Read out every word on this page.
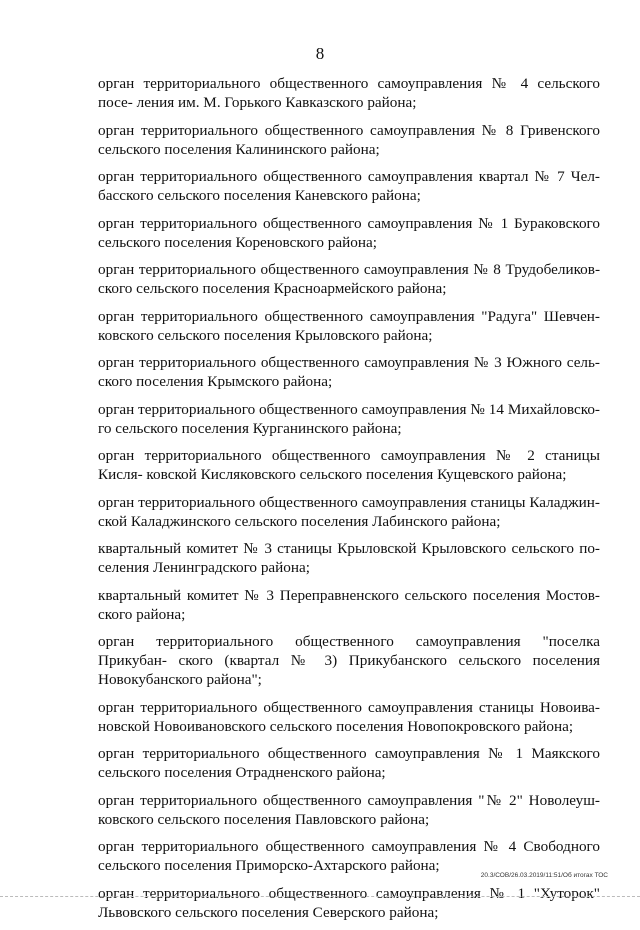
8

орган территориального общественного самоуправления № 4 сельского посе- ления им. М. Горького Кавказского района;

орган территориального общественного самоуправления № 8 Гривенского сельского поселения Калининского района;

орган территориального общественного самоуправления квартал № 7 Чел- басского сельского поселения Каневского района;

орган территориального общественного самоуправления № 1 Бураковского сельского поселения Кореновского района;

орган территориального общественного самоуправления № 8 Трудобеликов- ского сельского поселения Красноармейского района;

орган территориального общественного самоуправления "Радуга" Шевчен- ковского сельского поселения Крыловского района;

орган территориального общественного самоуправления № 3 Южного сель- ского поселения Крымского района;

орган территориального общественного самоуправления № 14 Михайловско- го сельского поселения Курганинского района;

орган территориального общественного самоуправления № 2 станицы Кисля- ковской Кисляковского сельского поселения Кущевского района;

орган территориального общественного самоуправления станицы Каладжин- ской Каладжинского сельского поселения Лабинского района;

квартальный комитет № 3 станицы Крыловской Крыловского сельского по- селения Ленинградского района;

квартальный комитет № 3 Переправненского сельского поселения Мостов- ского района;

орган территориального общественного самоуправления "поселка Прикубан- ского (квартал № 3) Прикубанского сельского поселения Новокубанского района";

орган территориального общественного самоуправления станицы Новоива- новской Новоивановского сельского поселения Новопокровского района;

орган территориального общественного самоуправления № 1 Маякского сельского поселения Отрадненского района;

орган территориального общественного самоуправления "№ 2" Новолеуш- ковского сельского поселения Павловского района;

орган территориального общественного самоуправления № 4 Свободного сельского поселения Приморско-Ахтарского района;

орган территориального общественного самоуправления № 1 "Хуторок" Львовского сельского поселения Северского района;

20.3/СОВ/26.03.2019/11:51/Об итогах ТОС
